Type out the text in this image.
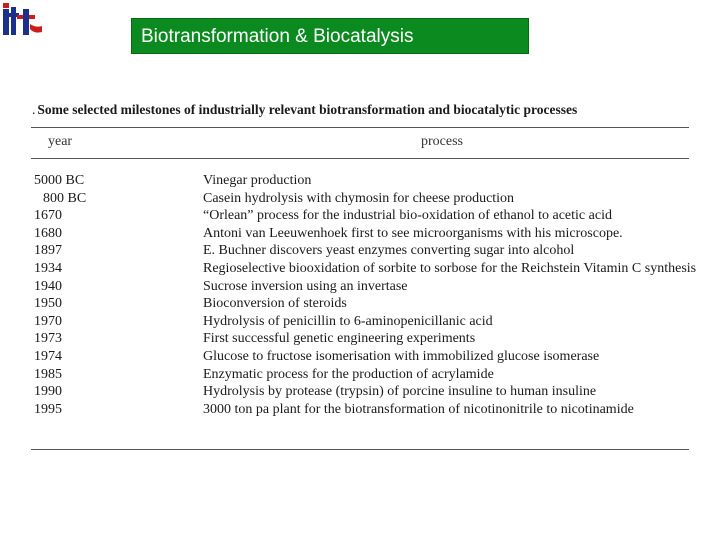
Biotransformation & Biocatalysis
. Some selected milestones of industrially relevant biotransformation and biocatalytic processes
year	process
5000 BC	Vinegar production
800 BC	Casein hydrolysis with chymosin for cheese production
1670	“Orlean” process for the industrial bio-oxidation of ethanol to acetic acid
1680	Antoni van Leeuwenhoek first to see microorganisms with his microscope.
1897	E. Buchner discovers yeast enzymes converting sugar into alcohol
1934	Regioselective biooxidation of sorbite to sorbose for the Reichstein Vitamin C synthesis
1940	Sucrose inversion using an invertase
1950	Bioconversion of steroids
1970	Hydrolysis of penicillin to 6-aminopenicillanic acid
1973	First successful genetic engineering experiments
1974	Glucose to fructose isomerisation with immobilized glucose isomerase
1985	Enzymatic process for the production of acrylamide
1990	Hydrolysis by protease (trypsin) of porcine insuline to human insuline
1995	3000 ton pa plant for the biotransformation of nicotinonitrile to nicotinamide
